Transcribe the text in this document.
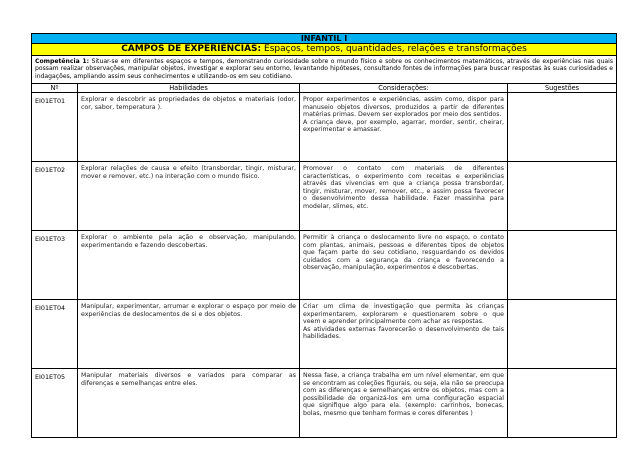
INFANTIL I			
CAMPOS DE EXPERIÊNCIAS: Espaços, tempos, quantidades, relações e transformações			
Competência 1: Situar-se em diferentes espaços e tempos, demonstrando curiosidade sobre o mundo físico e sobre os conhecimentos matemáticos, através de experiências nas quais possam realizar observações, manipular objetos, investigar e explorar seu entorno, levantando hipóteses, consultando fontes de informações para buscar respostas às suas curiosidades e indagações, ampliando assim seus conhecimentos e utilizando-os em seu cotidiano.			
Nº	Habilidades	Considerações:	Sugestões
EI01ET01	Explorar e descobrir as propriedades de objetos e materiais (odor, cor, sabor, temperatura ).	Propor experimentos e experiências, assim como, dispor para manuseio objetos diversos, produzidos a partir de diferentes matérias primas. Devem ser explorados por meio dos sentidos.
A criança deve, por exemplo, agarrar, morder, sentir, cheirar, experimentar e amassar.	

EI01ET02	Explorar relações de causa e efeito (transbordar, tingir, misturar, mover e remover, etc.) na interação com o mundo físico.	Promover o contato com materiais de diferentes características, o experimento com receitas e experiências através das vivencias em que a criança possa transbordar, tingir, misturar, mover, remover, etc., e assim possa favorecer o desenvolvimento dessa habilidade. Fazer massinha para modelar, slimes, etc.	

EI01ET03	Explorar o ambiente pela ação e observação, manipulando, experimentando e fazendo descobertas.	Permitir à criança o deslocamento livre no espaço, o contato com plantas, animais, pessoas e diferentes tipos de objetos que façam parte do seu cotidiano, resguardando os devidos cuidados com a segurança da criança e favorecendo a observação, manipulação, experimentos e descobertas.	

EI01ET04	Manipular, experimentar, arrumar e explorar o espaço por meio de experiências de deslocamentos de si e dos objetos.	Criar um clima de investigação que permita às crianças experimentarem, explorarem e questionarem sobre o que veem e aprender principalmente com achar as respostas.
As atividades externas favorecerão o desenvolvimento de tais habilidades.	

EI01ET05	Manipular materiais diversos e variados para comparar as diferenças e semelhanças entre eles.	Nessa fase, a criança trabalha em um nível elementar, em que se encontram as coleções figurais, ou seja, ela não se preocupa com as diferenças e semelhanças entre os objetos, mas com a possibilidade de organizá-los em uma configuração espacial que signifique algo para ela. (exemplo: carrinhos, bonecas, bolas, mesmo que tenham formas e cores diferentes )	
